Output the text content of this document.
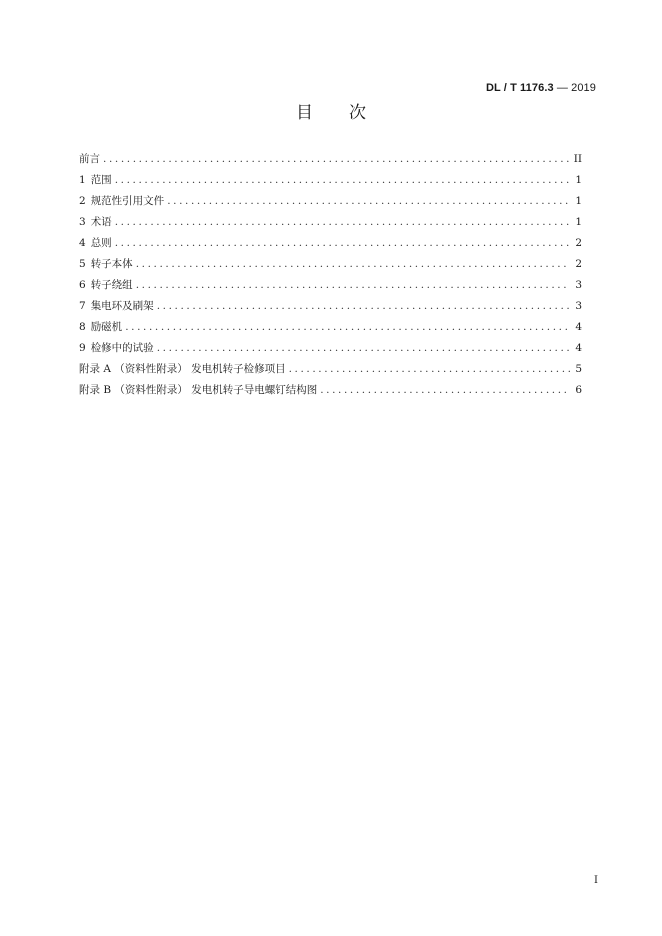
DL / T 1176.3 — 2019
目次
前言 .....	II
1 范围 .....	1
2 规范性引用文件 .....	1
3 术语 .....	1
4 总则 .....	2
5 转子本体 .....	2
6 转子绕组 .....	3
7 集电环及刷架 .....	3
8 励磁机 .....	4
9 检修中的试验 .....	4
附录 A （资料性附录） 发电机转子检修项目 .....	5
附录 B （资料性附录） 发电机转子导电螺钉结构图 .....	6
I
